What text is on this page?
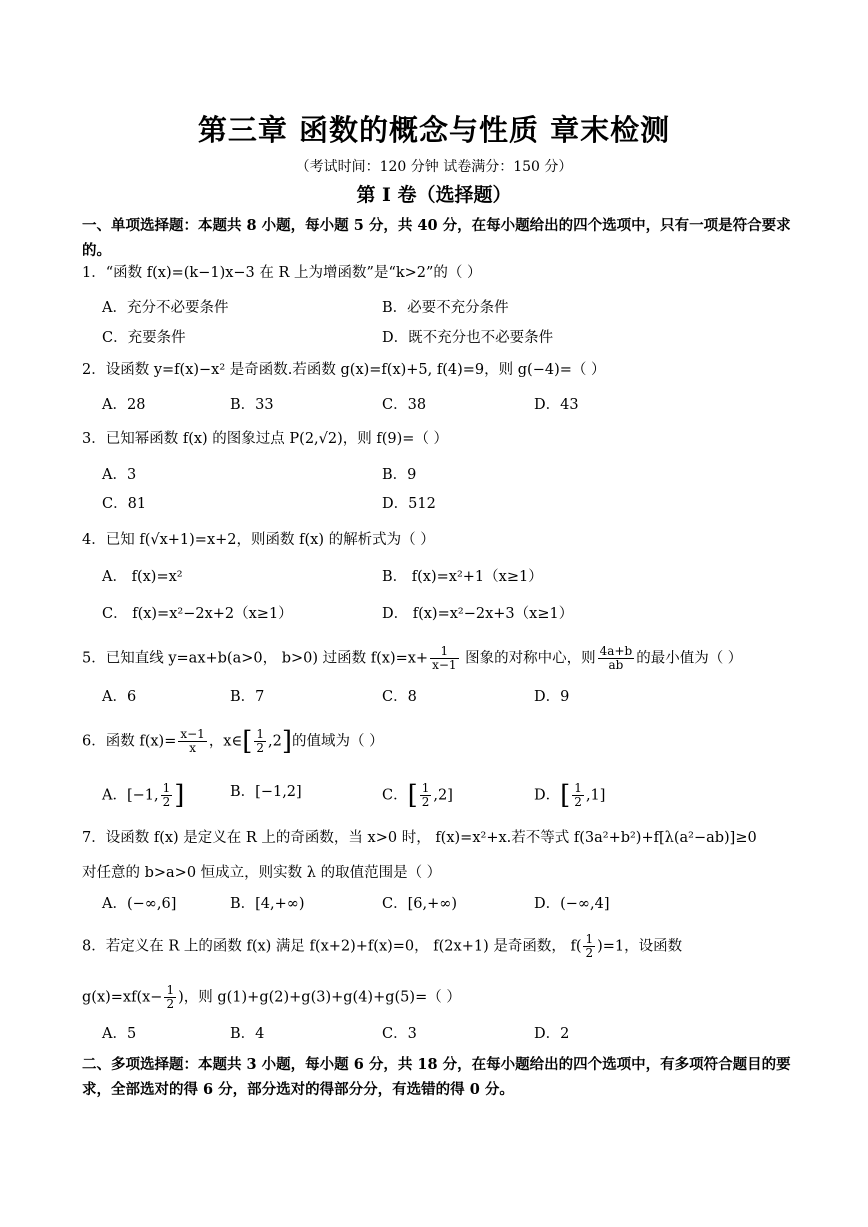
第三章 函数的概念与性质 章末检测
（考试时间：120 分钟 试卷满分：150 分）
第 I 卷（选择题）
一、单项选择题：本题共 8 小题，每小题 5 分，共 40 分，在每小题给出的四个选项中，只有一项是符合要求的。
1．“函数 f(x)=(k−1)x−3 在 R 上为增函数”是“k>2”的（ ）
A．充分不必要条件	B．必要不充分条件
C．充要条件	D．既不充分也不必要条件
2．设函数 y=f(x)−x² 是奇函数.若函数 g(x)=f(x)+5, f(4)=9，则 g(−4)=（ ）
A．28	B．33	C．38	D．43
3．已知幂函数 f(x) 的图象过点 P(2,√2)，则 f(9)=（ ）
A．3	B．9
C．81	D．512
4．已知 f(√x+1)=x+2，则函数 f(x) 的解析式为（ ）
A． f(x)=x²	B． f(x)=x²+1（x≥1）
C． f(x)=x²−2x+2（x≥1）	D． f(x)=x²−2x+3（x≥1）
5．已知直线 y=ax+b(a>0， b>0) 过函数 $f(x)=x+ \frac{1}{x-1}$ 图象的对称中心，则 $\frac{4a+b}{ab}$ 的最小值为（ ）
A．6	B．7	C．8	D．9
6．函数 $f(x)= \frac{x-1}{x}$ ，x∈[ $\frac{1}{2} ,2$]的值域为（ ）
A．[−1, $\frac{1}{2}$ ]	B．[−1,2]	C．[ $\frac{1}{2} ,2$]	D．[ $\frac{1}{2} ,1$]
7．设函数 f(x) 是定义在 R 上的奇函数，当 x>0 时， f(x)=x²+x.若不等式 f(3a²+b²)+f[λ(a²−ab)]≥0
对任意的 b>a>0 恒成立，则实数 λ 的取值范围是（ ）
A．(−∞,6]	B．[4,+∞)	C．[6,+∞)	D．(−∞,4]
8．若定义在 R 上的函数 f(x) 满足 f(x+2)+f(x)=0， f(2x+1) 是奇函数， $f( \frac{1}{2} )=1$，设函数
$g(x)=xf(x- \frac{1}{2}$ )，则 g(1)+g(2)+g(3)+g(4)+g(5)=（ ）
A．5	B．4	C．3	D．2
二、多项选择题：本题共 3 小题，每小题 6 分，共 18 分，在每小题给出的四个选项中，有多项符合题目的要求，全部选对的得 6 分，部分选对的得部分分，有选错的得 0 分。
